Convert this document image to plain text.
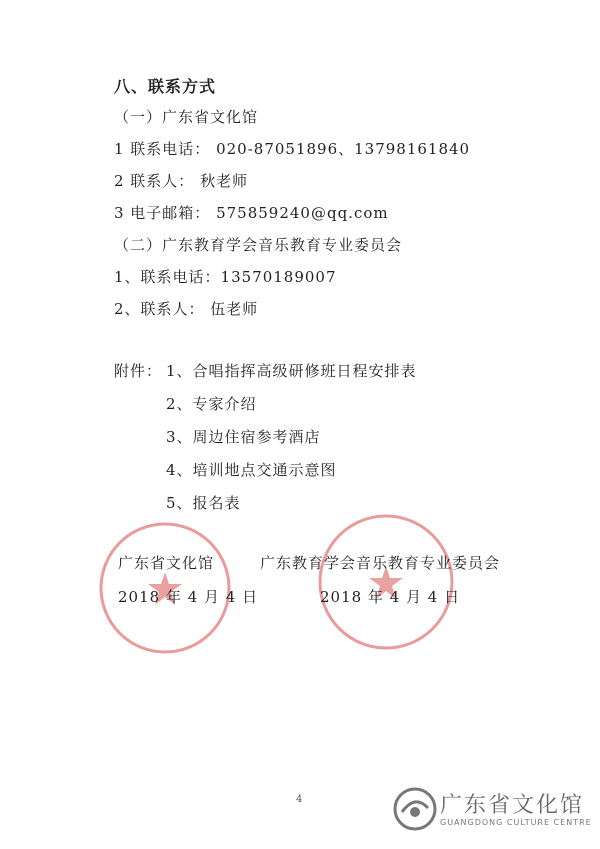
八、联系方式
（一）广东省文化馆
1 联系电话： 020-87051896、13798161840
2 联系人： 秋老师
3 电子邮箱： 575859240@qq.com
（二）广东教育学会音乐教育专业委员会
1、联系电话：13570189007
2、联系人： 伍老师
附件： 1、合唱指挥高级研修班日程安排表
2、专家介绍
3、周边住宿参考酒店
4、培训地点交通示意图
5、报名表
广东省文化馆	广东教育学会音乐教育专业委员会
2018 年 4 月 4 日	2018 年 4 月 4 日
4	广东省文化馆
GUANGDONG CULTURE CENTRE
